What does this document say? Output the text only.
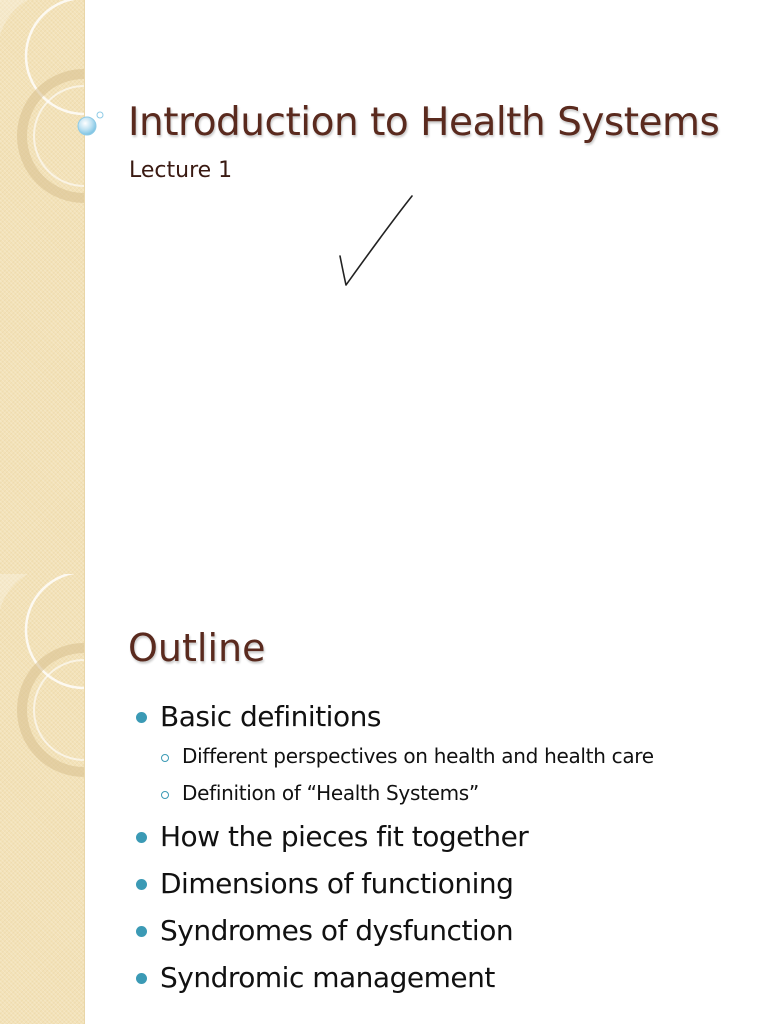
Introduction to Health Systems

Lecture 1

Outline
Basic definitions
Different perspectives on health and health care
Definition of “Health Systems”
How the pieces fit together
Dimensions of functioning
Syndromes of dysfunction
Syndromic management
